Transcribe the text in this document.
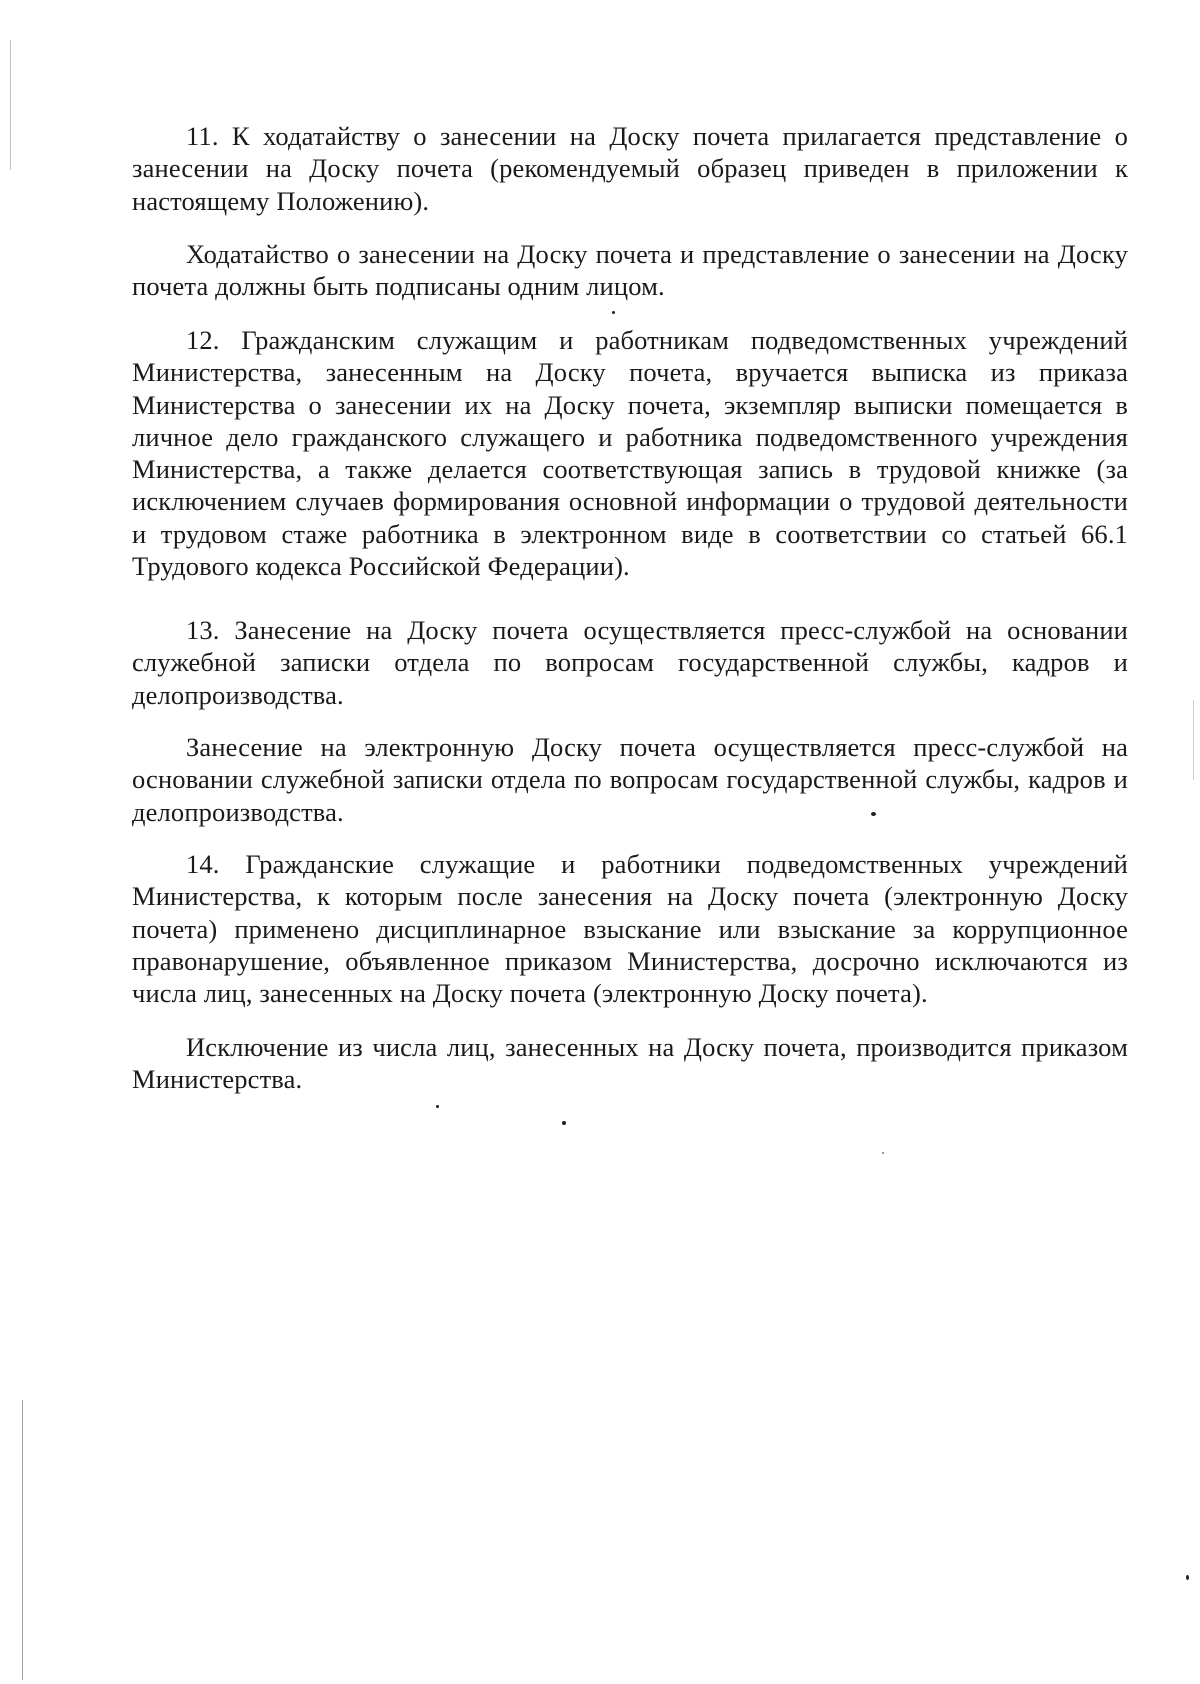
11. К ходатайству о занесении на Доску почета прилагается представление о занесении на Доску почета (рекомендуемый образец приведен в приложении к настоящему Положению).

Ходатайство о занесении на Доску почета и представление о занесении на Доску почета должны быть подписаны одним лицом.

12. Гражданским служащим и работникам подведомственных учреждений Министерства, занесенным на Доску почета, вручается выписка из приказа Министерства о занесении их на Доску почета, экземпляр выписки помещается в личное дело гражданского служащего и работника подведомственного учреждения Министерства, а также делается соответствующая запись в трудовой книжке (за исключением случаев формирования основной информации о трудовой деятельности и трудовом стаже работника в электронном виде в соответствии со статьей 66.1 Трудового кодекса Российской Федерации).

13. Занесение на Доску почета осуществляется пресс-службой на основании служебной записки отдела по вопросам государственной службы, кадров и делопроизводства.

Занесение на электронную Доску почета осуществляется пресс-службой на основании служебной записки отдела по вопросам государственной службы, кадров и делопроизводства.

14. Гражданские служащие и работники подведомственных учреждений Министерства, к которым после занесения на Доску почета (электронную Доску почета) применено дисциплинарное взыскание или взыскание за коррупционное правонарушение, объявленное приказом Министерства, досрочно исключаются из числа лиц, занесенных на Доску почета (электронную Доску почета).

Исключение из числа лиц, занесенных на Доску почета, производится приказом Министерства.
